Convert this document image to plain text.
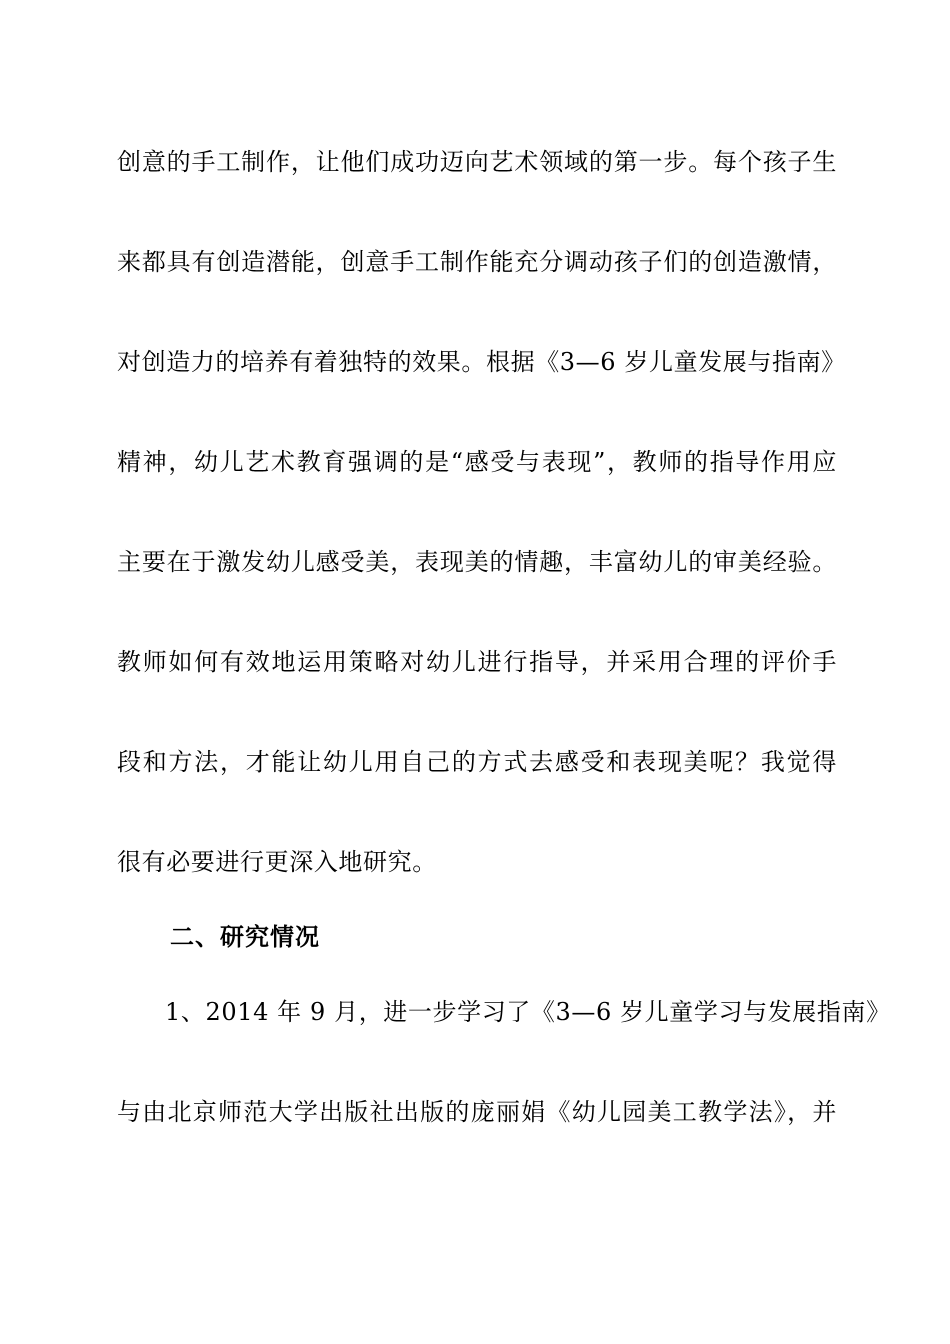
创意的手工制作，让他们成功迈向艺术领域的第一步。每个孩子生
来都具有创造潜能，创意手工制作能充分调动孩子们的创造激情，
对创造力的培养有着独特的效果。根据《3—6 岁儿童发展与指南》
精神，幼儿艺术教育强调的是“感受与表现”，教师的指导作用应
主要在于激发幼儿感受美，表现美的情趣，丰富幼儿的审美经验。
教师如何有效地运用策略对幼儿进行指导，并采用合理的评价手
段和方法，才能让幼儿用自己的方式去感受和表现美呢？我觉得
很有必要进行更深入地研究。
二、研究情况
1、2014 年 9 月，进一步学习了《3—6 岁儿童学习与发展指南》
与由北京师范大学出版社出版的庞丽娟《幼儿园美工教学法》，并
